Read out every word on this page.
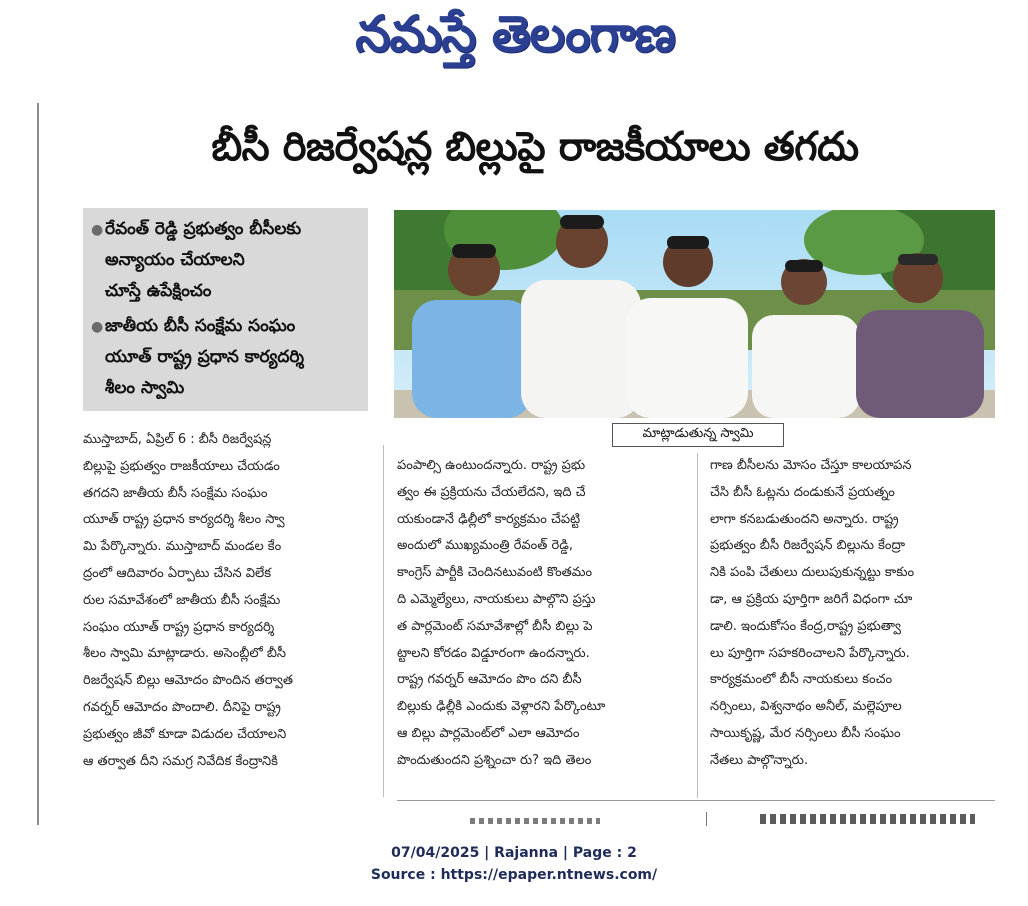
నమస్తే తెలంగాణ
బీసీ రిజర్వేషన్ల బిల్లుపై రాజకీయాలు తగదు
● రేవంత్ రెడ్డి ప్రభుత్వం బీసీలకు
అన్యాయం చేయాలని
చూస్తే ఉపేక్షించం
● జాతీయ బీసీ సంక్షేమ సంఘం
యూత్ రాష్ట్ర ప్రధాన కార్యదర్శి
శీలం స్వామి
మాట్లాడుతున్న స్వామి
ముస్తాబాద్, ఏప్రిల్ 6 : బీసీ రిజర్వేషన్ల
బిల్లుపై ప్రభుత్వం రాజకీయాలు చేయడం
తగదని జాతీయ బీసీ సంక్షేమ సంఘం
యూత్ రాష్ట్ర ప్రధాన కార్యదర్శి శీలం స్వా
మి పేర్కొన్నారు. ముస్తాబాద్ మండల కేం
ద్రంలో ఆదివారం ఏర్పాటు చేసిన విలేక
రుల సమావేశంలో జాతీయ బీసీ సంక్షేమ
సంఘం యూత్ రాష్ట్ర ప్రధాన కార్యదర్శి
శీలం స్వామి మాట్లాడారు. అసెంబ్లీలో బీసీ
రిజర్వేషన్ బిల్లు ఆమోదం పొందిన తర్వాత
గవర్నర్ ఆమోదం పొందాలి. దీనిపై రాష్ట్ర
ప్రభుత్వం జీవో కూడా విడుదల చేయాలని
ఆ తర్వాత దీని సమగ్ర నివేదిక కేంద్రానికి
పంపాల్సి ఉంటుందన్నారు. రాష్ట్ర ప్రభు
త్వం ఈ ప్రక్రియను చేయలేదని, ఇది చే
యకుండానే ఢిల్లీలో కార్యక్రమం చేపట్టి
అందులో ముఖ్యమంత్రి రేవంత్ రెడ్డి,
కాంగ్రెస్ పార్టీకి చెందినటువంటి కొంతమం
ది ఎమ్మెల్యేలు, నాయకులు పాల్గొని ప్రస్తు
త పార్లమెంట్ సమావేశాల్లో బీసీ బిల్లు పె
ట్టాలని కోరడం విడ్డూరంగా ఉందన్నారు.
రాష్ట్ర గవర్నర్ ఆమోదం పొం దని బీసీ
బిల్లుకు ఢిల్లీకి ఎందుకు వెళ్లారని పేర్కొంటూ
ఆ బిల్లు పార్లమెంట్‌లో ఎలా ఆమోదం
పొందుతుందని ప్రశ్నించా రు? ఇది తెలం
గాణ బీసీలను మోసం చేస్తూ కాలయాపన
చేసి బీసీ ఓట్లను దండుకునే ప్రయత్నం
లాగా కనబడుతుందని అన్నారు. రాష్ట్ర
ప్రభుత్వం బీసీ రిజర్వేషన్ బిల్లును కేంద్రా
నికి పంపి చేతులు దులుపుకున్నట్టు కాకుం
డా, ఆ ప్రక్రియ పూర్తిగా జరిగే విధంగా చూ
డాలి. ఇందుకోసం కేంద్ర,రాష్ట్ర ప్రభుత్వా
లు పూర్తిగా సహకరించాలని పేర్కొన్నారు.
కార్యక్రమంలో బీసీ నాయకులు కంచం
నర్సింలు, విశ్వనాథం అనీల్, మల్లెపూల
సాయికృష్ణ, మేర నర్సింలు బీసీ సంఘం
నేతలు పాల్గొన్నారు.
07/04/2025 | Rajanna | Page : 2
Source : https://epaper.ntnews.com/
